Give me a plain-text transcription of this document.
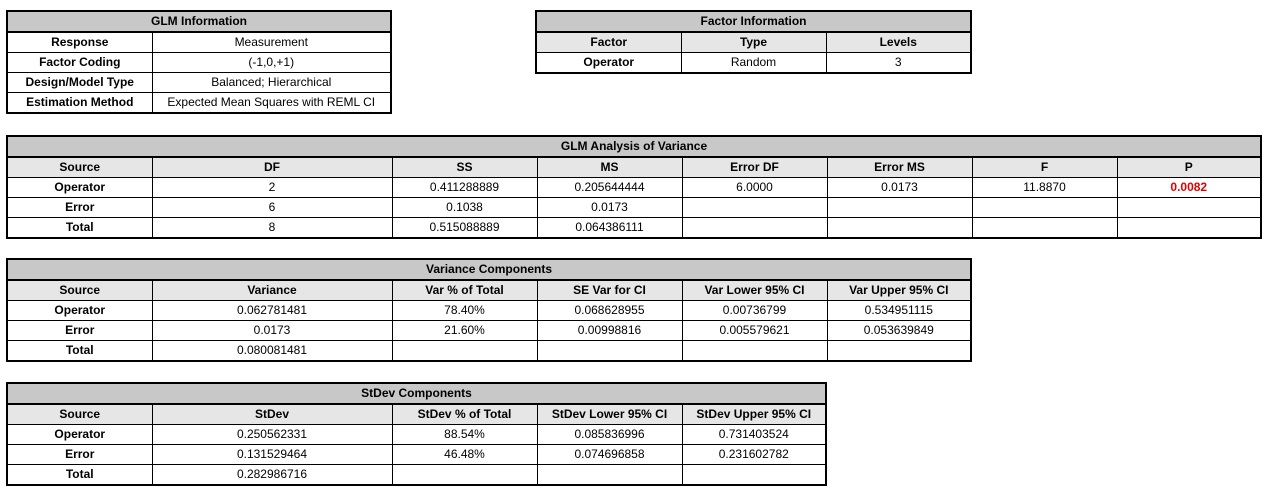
GLM Information	
Response	Measurement
Factor Coding	(-1,0,+1)
Design/Model Type	Balanced; Hierarchical
Estimation Method	Expected Mean Squares with REML CI
Factor Information		
Factor	Type	Levels
Operator	Random	3
GLM Analysis of Variance							
Source	DF	SS	MS	Error DF	Error MS	F	P
Operator	2	0.411288889	0.205644444	6.0000	0.0173	11.8870	0.0082
Error	6	0.1038	0.0173				
Total	8	0.515088889	0.064386111				
Variance Components					
Source	Variance	Var % of Total	SE Var for CI	Var Lower 95% CI	Var Upper 95% CI
Operator	0.062781481	78.40%	0.068628955	0.00736799	0.534951115
Error	0.0173	21.60%	0.00998816	0.005579621	0.053639849
Total	0.080081481				
StDev Components				
Source	StDev	StDev % of Total	StDev Lower 95% CI	StDev Upper 95% CI
Operator	0.250562331	88.54%	0.085836996	0.731403524
Error	0.131529464	46.48%	0.074696858	0.231602782
Total	0.282986716			
